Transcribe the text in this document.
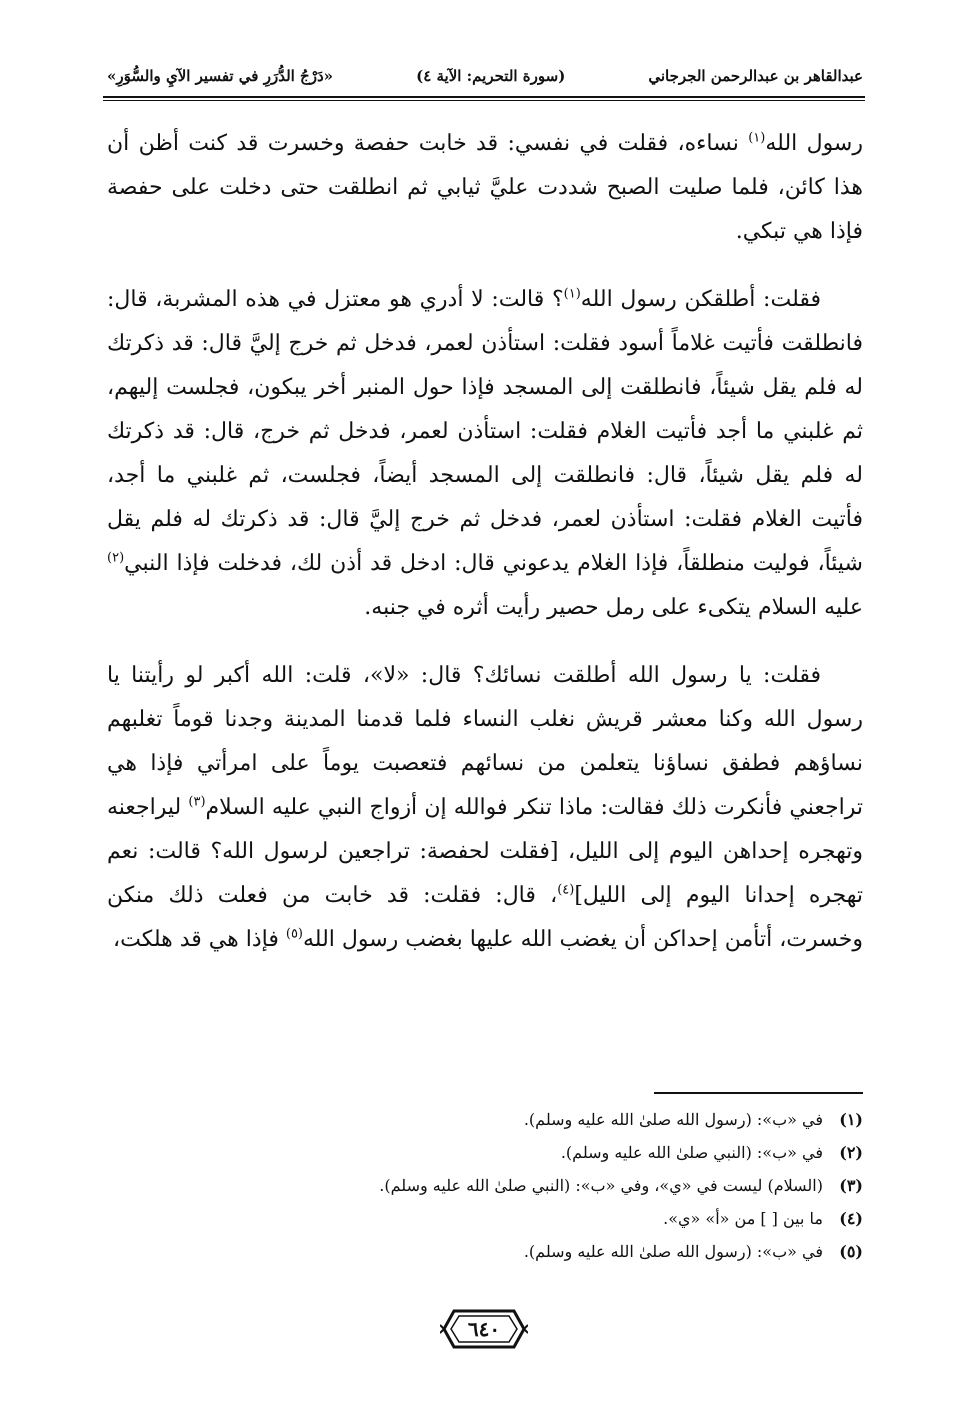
عبدالقاهر بن عبدالرحمن الجرجاني
(سورة التحريم: الآية ٤)
«دَرْجُ الدُّرَرِ في تفسير الآيِ والسُّوَرِ»

رسول الله$^{(١)}$ نساءه، فقلت في نفسي: قد خابت حفصة وخسرت قد كنت أظن أن هذا كائن، فلما صليت الصبح شددت عليَّ ثيابي ثم انطلقت حتى دخلت على حفصة فإذا هي تبكي.

فقلت: أطلقكن رسول الله$^{(١)}$؟ قالت: لا أدري هو معتزل في هذه المشربة، قال: فانطلقت فأتيت غلاماً أسود فقلت: استأذن لعمر، فدخل ثم خرج إليَّ قال: قد ذكرتك له فلم يقل شيئاً، فانطلقت إلى المسجد فإذا حول المنبر أخر يبكون، فجلست إليهم، ثم غلبني ما أجد فأتيت الغلام فقلت: استأذن لعمر، فدخل ثم خرج، قال: قد ذكرتك له فلم يقل شيئاً، قال: فانطلقت إلى المسجد أيضاً، فجلست، ثم غلبني ما أجد، فأتيت الغلام فقلت: استأذن لعمر، فدخل ثم خرج إليَّ قال: قد ذكرتك له فلم يقل شيئاً، فوليت منطلقاً، فإذا الغلام يدعوني قال: ادخل قد أذن لك، فدخلت فإذا النبي$^{(٢)}$ عليه السلام يتكىء على رمل حصير رأيت أثره في جنبه.

فقلت: يا رسول الله أطلقت نسائك؟ قال: «لا»، قلت: الله أكبر لو رأيتنا يا رسول الله وكنا معشر قريش نغلب النساء فلما قدمنا المدينة وجدنا قوماً تغلبهم نساؤهم فطفق نساؤنا يتعلمن من نسائهم فتعصبت يوماً على امرأتي فإذا هي تراجعني فأنكرت ذلك فقالت: ماذا تنكر فوالله إن أزواج النبي عليه السلام$^{(٣)}$ ليراجعنه وتهجره إحداهن اليوم إلى الليل، [فقلت لحفصة: تراجعين لرسول الله؟ قالت: نعم تهجره إحدانا اليوم إلى الليل]$^{(٤)}$، قال: فقلت: قد خابت من فعلت ذلك منكن وخسرت، أتأمن إحداكن أن يغضب الله عليها بغضب رسول الله$^{(٥)}$ فإذا هي قد هلكت،

(١)
في «ب»: (رسول الله صلىٰ الله عليه وسلم).
(٢)
في «ب»: (النبي صلىٰ الله عليه وسلم).
(٣)
(السلام) ليست في «ي»، وفي «ب»: (النبي صلىٰ الله عليه وسلم).
(٤)
ما بين [ ] من «أ» «ي».
(٥)
في «ب»: (رسول الله صلىٰ الله عليه وسلم).
٦٤٠
